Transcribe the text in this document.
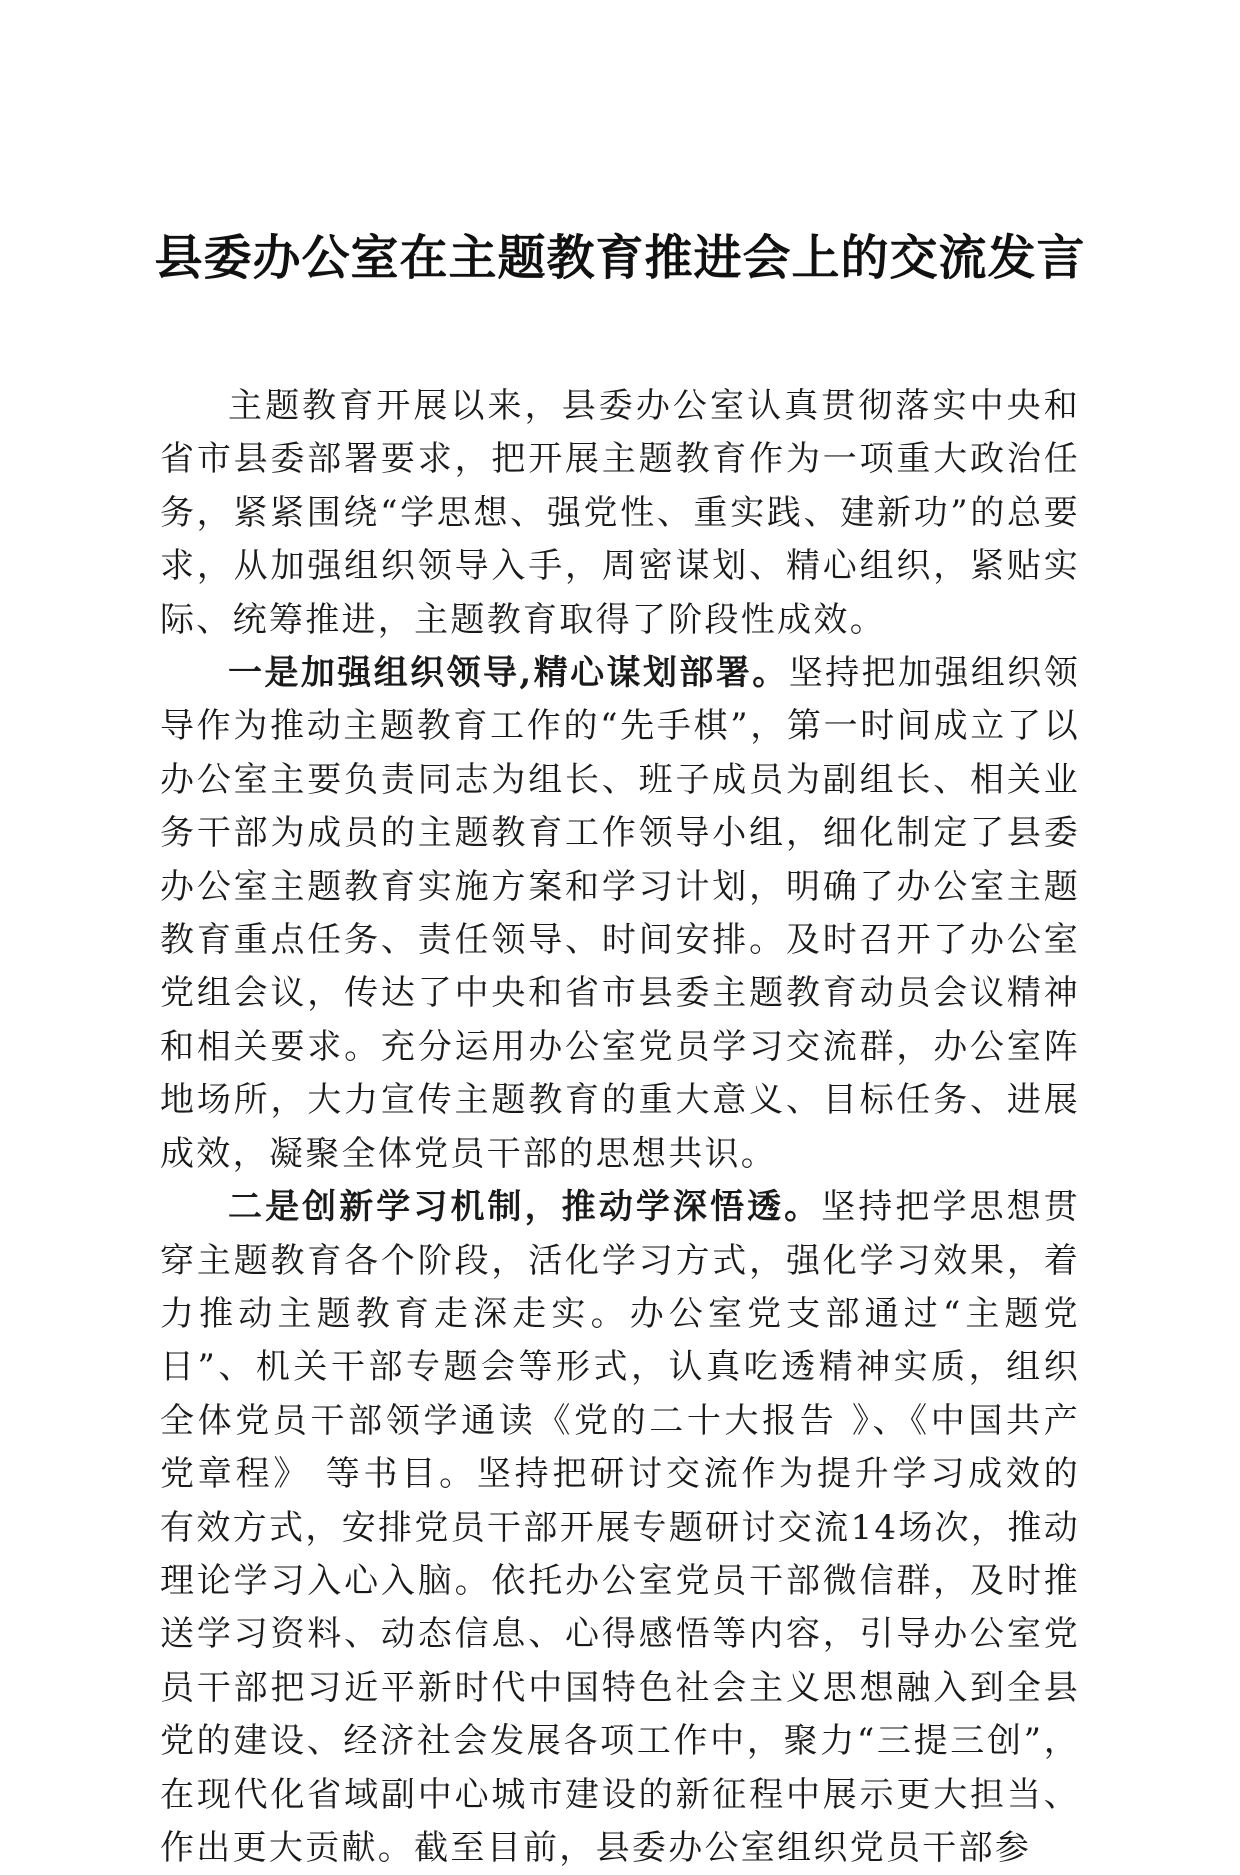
县委办公室在主题教育推进会上的交流发言

主题教育开展以来，县委办公室认真贯彻落实中央和省市县委部署要求，把开展主题教育作为一项重大政治任务，紧紧围绕“学思想、强党性、重实践、建新功”的总要求，从加强组织领导入手，周密谋划、精心组织，紧贴实际、统筹推进，主题教育取得了阶段性成效。

一是加强组织领导,精心谋划部署。坚持把加强组织领导作为推动主题教育工作的“先手棋”，第一时间成立了以办公室主要负责同志为组长、班子成员为副组长、相关业务干部为成员的主题教育工作领导小组，细化制定了县委办公室主题教育实施方案和学习计划，明确了办公室主题教育重点任务、责任领导、时间安排。及时召开了办公室党组会议，传达了中央和省市县委主题教育动员会议精神和相关要求。充分运用办公室党员学习交流群，办公室阵地场所，大力宣传主题教育的重大意义、目标任务、进展成效，凝聚全体党员干部的思想共识。

二是创新学习机制，推动学深悟透。坚持把学思想贯穿主题教育各个阶段，活化学习方式，强化学习效果，着力推动主题教育走深走实。办公室党支部通过“主题党日”、机关干部专题会等形式，认真吃透精神实质，组织全体党员干部领学通读《党的二十大报告 》、《中国共产党章程》 等书目。坚持把研讨交流作为提升学习成效的有效方式，安排党员干部开展专题研讨交流14场次，推动理论学习入心入脑。依托办公室党员干部微信群，及时推送学习资料、动态信息、心得感悟等内容，引导办公室党员干部把习近平新时代中国特色社会主义思想融入到全县党的建设、经济社会发展各项工作中，聚力“三提三创”，在现代化省域副中心城市建设的新征程中展示更大担当、作出更大贡献。截至目前，县委办公室组织党员干部参
